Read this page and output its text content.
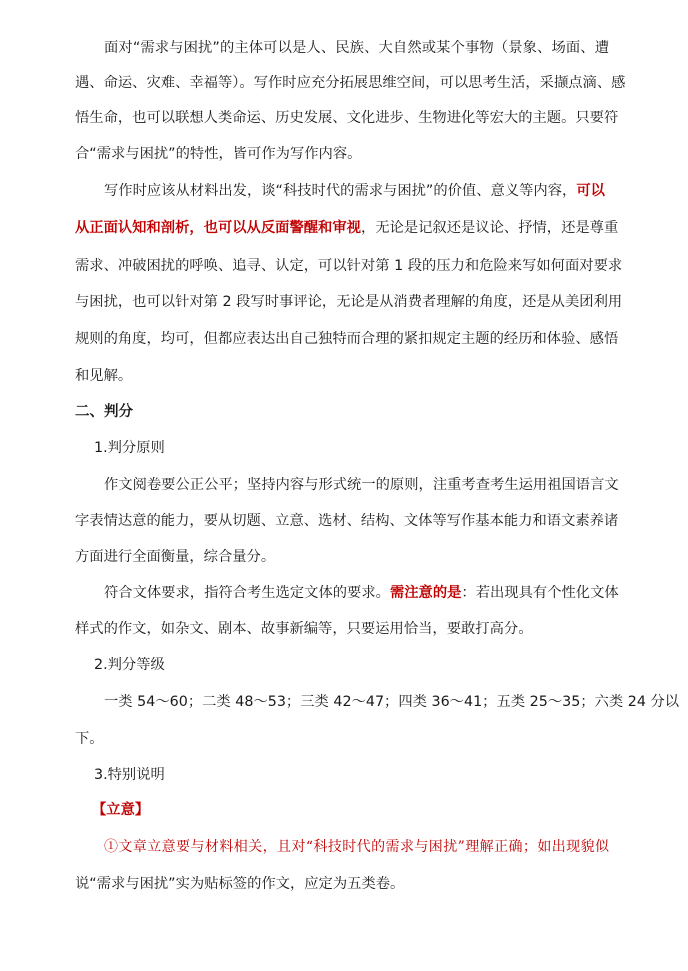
面对“需求与困扰”的主体可以是人、民族、大自然或某个事物（景象、场面、遭
遇、命运、灾难、幸福等）。写作时应充分拓展思维空间，可以思考生活，采撷点滴、感
悟生命，也可以联想人类命运、历史发展、文化进步、生物进化等宏大的主题。只要符
合“需求与困扰”的特性，皆可作为写作内容。
写作时应该从材料出发，谈“科技时代的需求与困扰”的价值、意义等内容，可以
从正面认知和剖析，也可以从反面警醒和审视，无论是记叙还是议论、抒情，还是尊重
需求、冲破困扰的呼唤、追寻、认定，可以针对第 1 段的压力和危险来写如何面对要求
与困扰，也可以针对第 2 段写时事评论，无论是从消费者理解的角度，还是从美团利用
规则的角度，均可，但都应表达出自己独特而合理的紧扣规定主题的经历和体验、感悟
和见解。
二、判分
1.判分原则
作文阅卷要公正公平；坚持内容与形式统一的原则，注重考查考生运用祖国语言文
字表情达意的能力，要从切题、立意、选材、结构、文体等写作基本能力和语文素养诸
方面进行全面衡量，综合量分。
符合文体要求，指符合考生选定文体的要求。需注意的是：若出现具有个性化文体
样式的作文，如杂文、剧本、故事新编等，只要运用恰当，要敢打高分。
2.判分等级
一类 54～60；二类 48～53；三类 42～47；四类 36～41；五类 25～35；六类 24 分以
下。
3.特别说明
【立意】
①文章立意要与材料相关，且对“科技时代的需求与困扰”理解正确；如出现貌似
说“需求与困扰”实为贴标签的作文，应定为五类卷。
